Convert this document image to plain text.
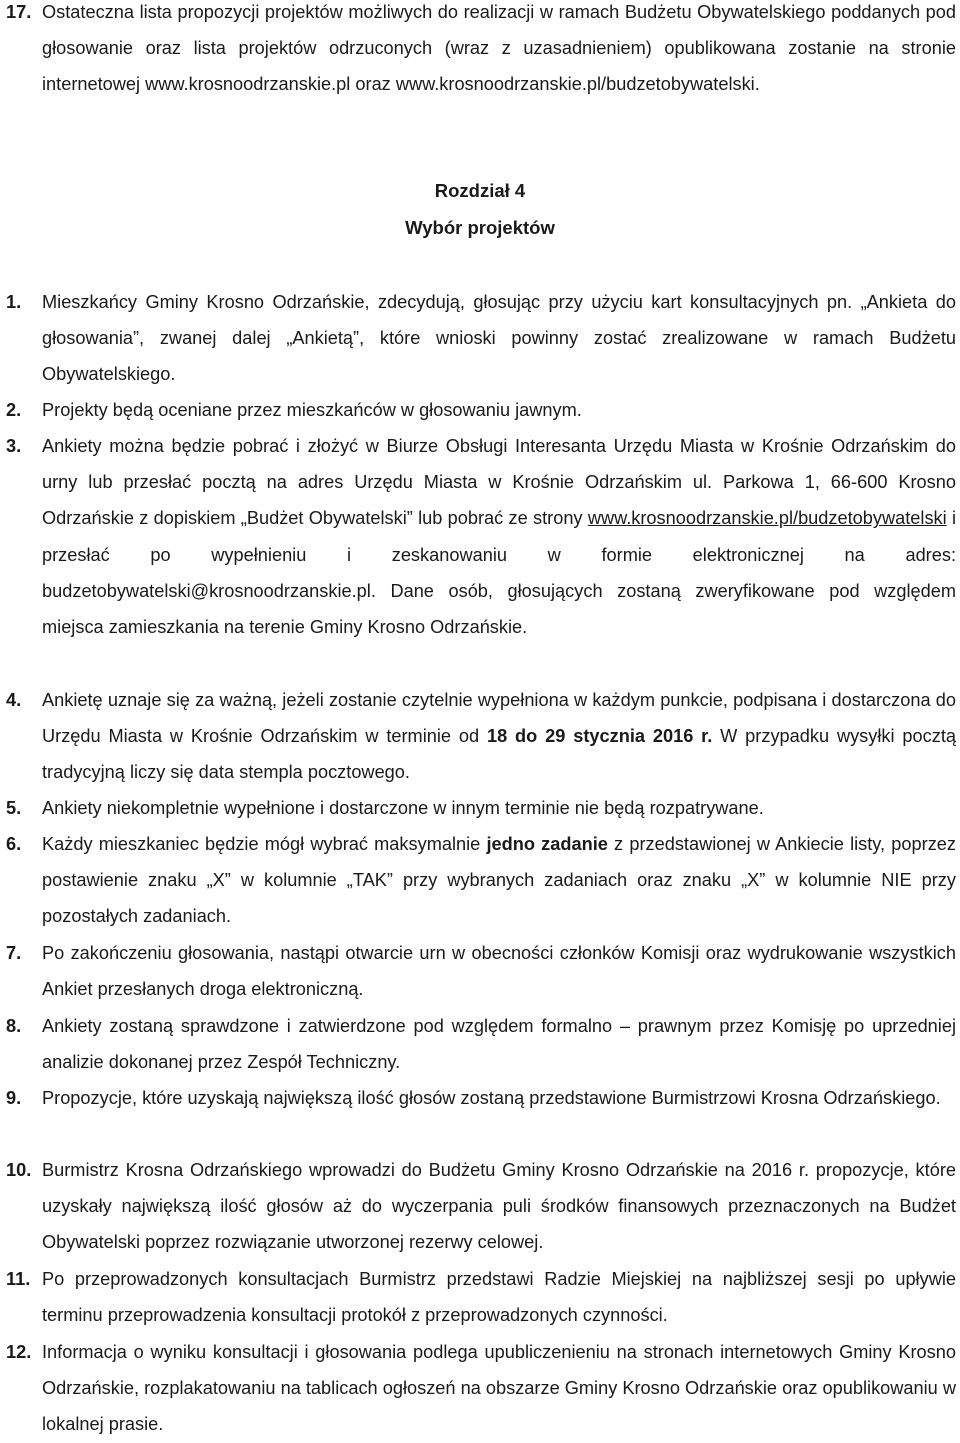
17. Ostateczna lista propozycji projektów możliwych do realizacji w ramach Budżetu Obywatelskiego poddanych pod głosowanie oraz lista projektów odrzuconych (wraz z uzasadnieniem) opublikowana zostanie na stronie internetowej www.krosnoodrzanskie.pl oraz www.krosnoodrzanskie.pl/budzetobywatelski.
Rozdział 4
Wybór projektów
1. Mieszkańcy Gminy Krosno Odrzańskie, zdecydują, głosując przy użyciu kart konsultacyjnych pn. „Ankieta do głosowania”, zwanej dalej „Ankietą”, które wnioski powinny zostać zrealizowane w ramach Budżetu Obywatelskiego.
2. Projekty będą oceniane przez mieszkańców w głosowaniu jawnym.
3. Ankiety można będzie pobrać i złożyć w Biurze Obsługi Interesanta Urzędu Miasta w Krośnie Odrzańskim do urny lub przesłać pocztą na adres Urzędu Miasta w Krośnie Odrzańskim ul. Parkowa 1, 66-600 Krosno Odrzańskie z dopiskiem „Budżet Obywatelski” lub pobrać ze strony www.krosnoodrzanskie.pl/budzetobywatelski i przesłać po wypełnieniu i zeskanowaniu w formie elektronicznej na adres: budzetobywatelski@krosnoodrzanskie.pl. Dane osób, głosujących zostaną zweryfikowane pod względem miejsca zamieszkania na terenie Gminy Krosno Odrzańskie.
4. Ankietę uznaje się za ważną, jeżeli zostanie czytelnie wypełniona w każdym punkcie, podpisana i dostarczona do Urzędu Miasta w Krośnie Odrzańskim w terminie od 18 do 29 stycznia 2016 r. W przypadku wysyłki pocztą tradycyjną liczy się data stempla pocztowego.
5. Ankiety niekompletnie wypełnione i dostarczone w innym terminie nie będą rozpatrywane.
6. Każdy mieszkaniec będzie mógł wybrać maksymalnie jedno zadanie z przedstawionej w Ankiecie listy, poprzez postawienie znaku „X” w kolumnie „TAK” przy wybranych zadaniach oraz znaku „X” w kolumnie NIE przy pozostałych zadaniach.
7. Po zakończeniu głosowania, nastąpi otwarcie urn w obecności członków Komisji oraz wydrukowanie wszystkich Ankiet przesłanych droga elektroniczną.
8. Ankiety zostaną sprawdzone i zatwierdzone pod względem formalno – prawnym przez Komisję po uprzedniej analizie dokonanej przez Zespół Techniczny.
9. Propozycje, które uzyskają największą ilość głosów zostaną przedstawione Burmistrzowi Krosna Odrzańskiego.
10. Burmistrz Krosna Odrzańskiego wprowadzi do Budżetu Gminy Krosno Odrzańskie na 2016 r. propozycje, które uzyskały największą ilość głosów aż do wyczerpania puli środków finansowych przeznaczonych na Budżet Obywatelski poprzez rozwiązanie utworzonej rezerwy celowej.
11. Po przeprowadzonych konsultacjach Burmistrz przedstawi Radzie Miejskiej na najbliższej sesji po upływie terminu przeprowadzenia konsultacji protokół z przeprowadzonych czynności.
12. Informacja o wyniku konsultacji i głosowania podlega upubliczenieniu na stronach internetowych Gminy Krosno Odrzańskie, rozplakatowaniu na tablicach ogłoszeń na obszarze Gminy Krosno Odrzańskie oraz opublikowaniu w lokalnej prasie.
